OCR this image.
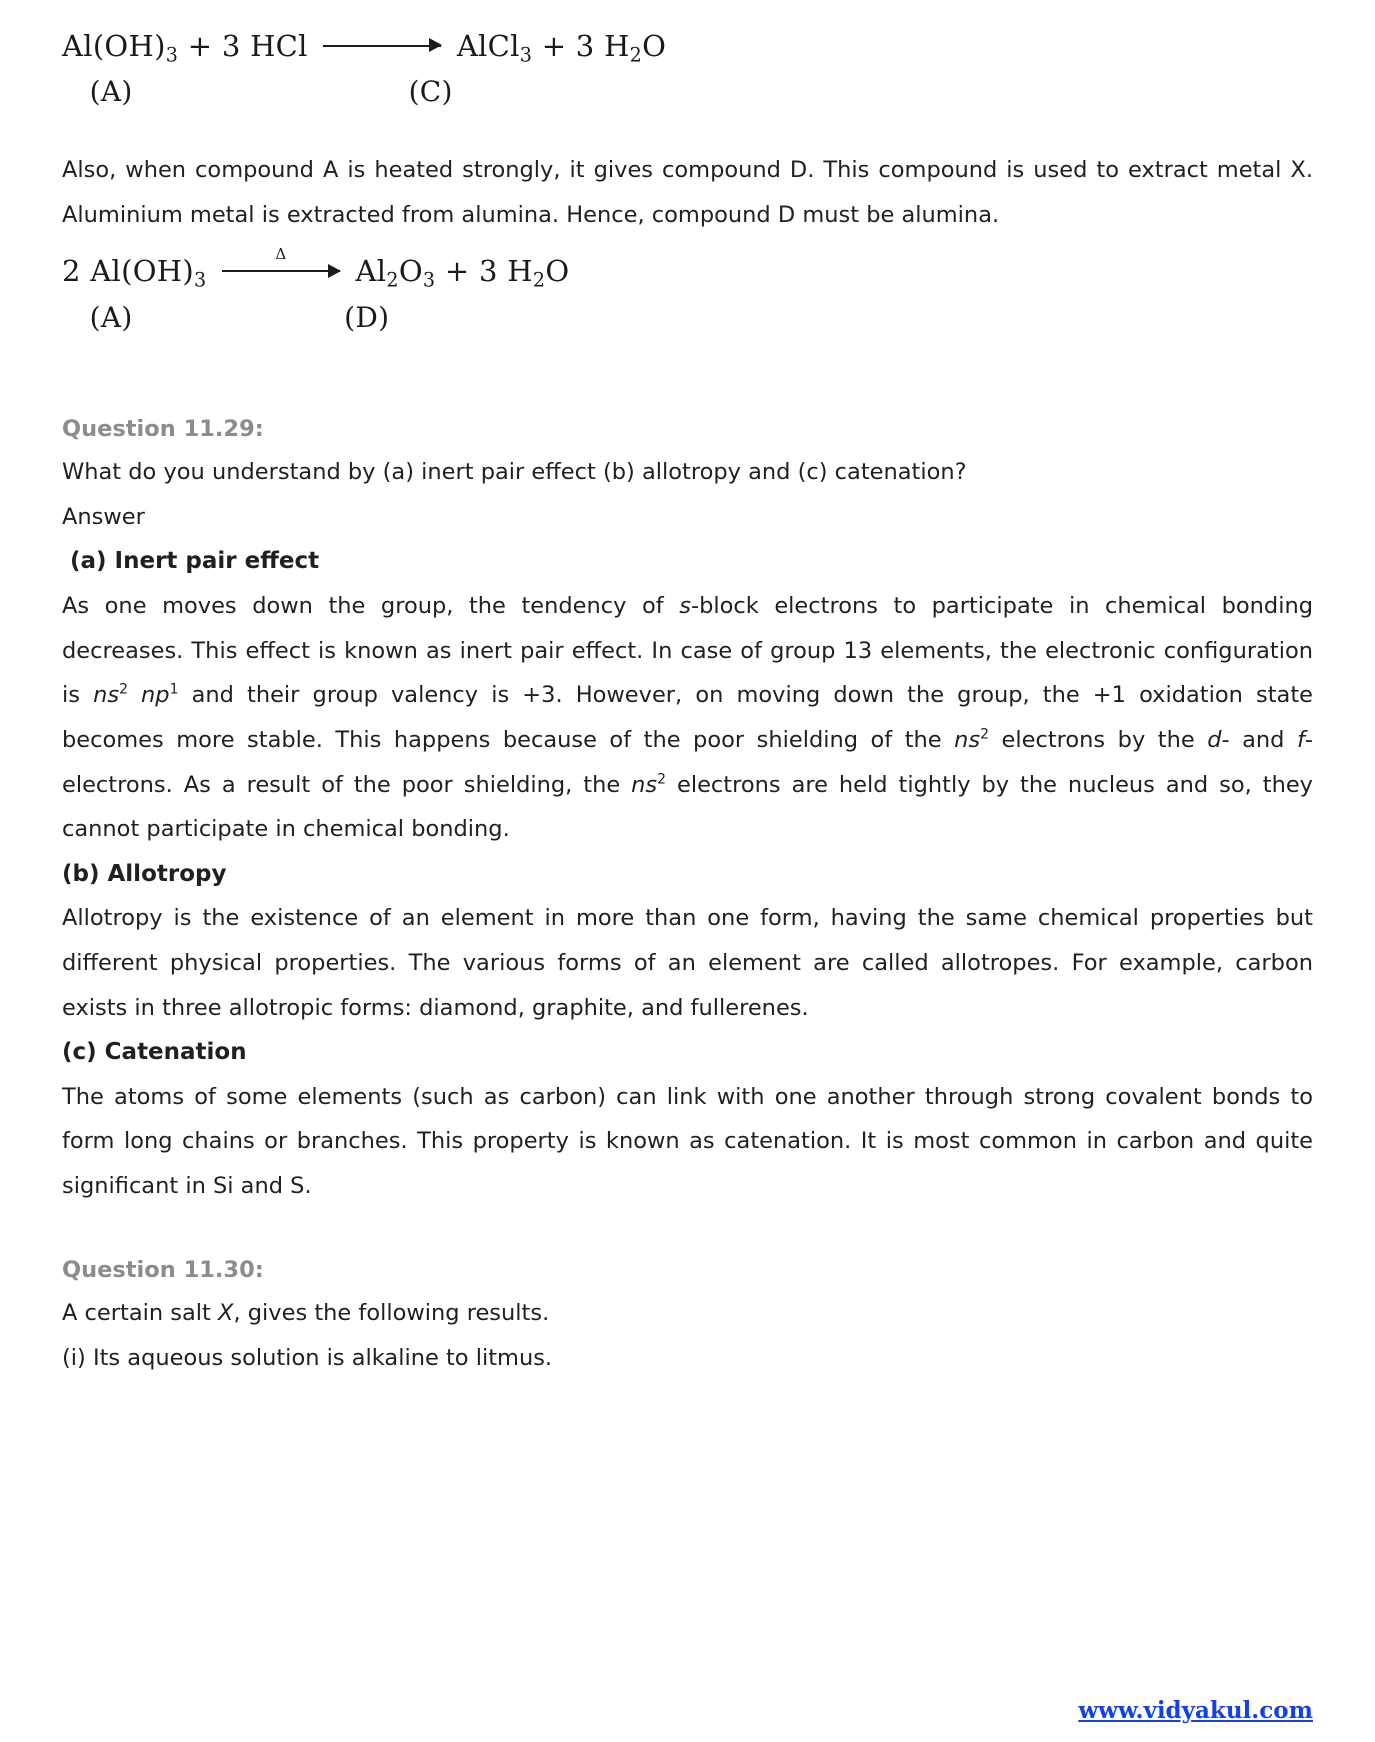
$Al(OH)_3 + 3$ HCl	AlCl$_3$ + 3 $H_2O$
(A)                              (C)

Also, when compound A is heated strongly, it gives compound D. This compound is used to extract metal X. Aluminium metal is extracted from alumina. Hence, compound D must be alumina.

2 $Al(OH)_3$
Δ $Al_2O_3 + 3$ $H_2O$
(A)                       (D)

Question 11.29:

What do you understand by (a) inert pair effect (b) allotropy and (c) catenation?

Answer

(a) Inert pair effect

As one moves down the group, the tendency of s-block electrons to participate in chemical bonding decreases. This effect is known as inert pair effect. In case of group 13 elements, the electronic configuration is $ns^2$ $np^1$ and their group valency is +3. However, on moving down the group, the +1 oxidation state becomes more stable. This happens because of the poor shielding of the $ns^2$ electrons by the d- and f- electrons. As a result of the poor shielding, the $ns^2$ electrons are held tightly by the nucleus and so, they cannot participate in chemical bonding.

(b) Allotropy

Allotropy is the existence of an element in more than one form, having the same chemical properties but different physical properties. The various forms of an element are called allotropes. For example, carbon exists in three allotropic forms: diamond, graphite, and fullerenes.

(c) Catenation

The atoms of some elements (such as carbon) can link with one another through strong covalent bonds to form long chains or branches. This property is known as catenation. It is most common in carbon and quite significant in Si and S.

Question 11.30:

A certain salt X, gives the following results.

(i) Its aqueous solution is alkaline to litmus.

www.vidyakul.com
